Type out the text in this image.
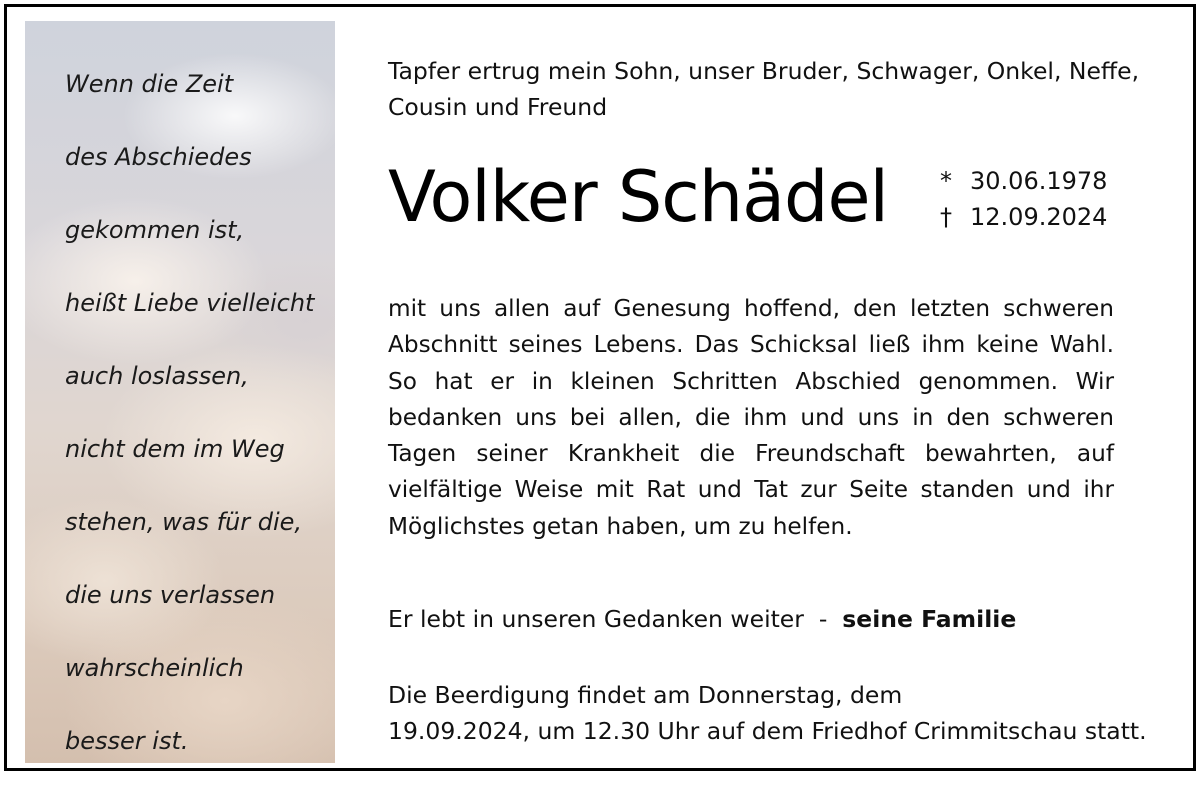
Wenn die Zeit
des Abschiedes
gekommen ist,
heißt Liebe vielleicht
auch loslassen,
nicht dem im Weg
stehen, was für die,
die uns verlassen
wahrscheinlich
besser ist.

Tapfer ertrug mein Sohn, unser Bruder, Schwager, Onkel, Neffe,
Cousin und Freund

Volker Schädel * 30.06.1978
† 12.09.2024

mit uns allen auf Genesung hoffend, den letzten schweren Abschnitt seines Lebens. Das Schicksal ließ ihm keine Wahl. So hat er in kleinen Schritten Abschied genommen. Wir bedanken uns bei allen, die ihm und uns in den schweren Tagen seiner Krankheit die Freundschaft bewahrten, auf vielfältige Weise mit Rat und Tat zur Seite standen und ihr Möglichstes getan haben, um zu helfen.

Er lebt in unseren Gedanken weiter  -  seine Familie

Die Beerdigung findet am Donnerstag, dem
19.09.2024, um 12.30 Uhr auf dem Friedhof Crimmitschau statt.
